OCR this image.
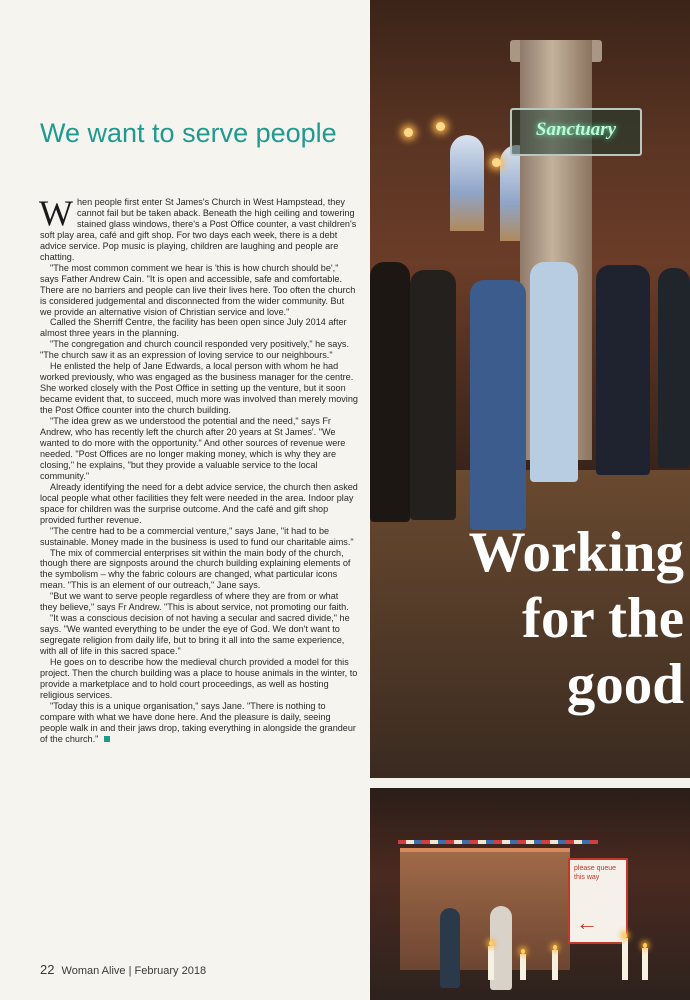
We want to serve people

When people first enter St James's Church in West Hampstead, they cannot fail but be taken aback. Beneath the high ceiling and towering stained glass windows, there's a Post Office counter, a vast children's soft play area, café and gift shop. For two days each week, there is a debt advice service. Pop music is playing, children are laughing and people are chatting.

"The most common comment we hear is 'this is how church should be'," says Father Andrew Cain. "It is open and accessible, safe and comfortable. There are no barriers and people can live their lives here. Too often the church is considered judgemental and disconnected from the wider community. But we provide an alternative vision of Christian service and love."

Called the Sherriff Centre, the facility has been open since July 2014 after almost three years in the planning.

"The congregation and church council responded very positively," he says. "The church saw it as an expression of loving service to our neighbours."

He enlisted the help of Jane Edwards, a local person with whom he had worked previously, who was engaged as the business manager for the centre. She worked closely with the Post Office in setting up the venture, but it soon became evident that, to succeed, much more was involved than merely moving the Post Office counter into the church building.

"The idea grew as we understood the potential and the need," says Fr Andrew, who has recently left the church after 20 years at St James'. "We wanted to do more with the opportunity." And other sources of revenue were needed. "Post Offices are no longer making money, which is why they are closing," he explains, "but they provide a valuable service to the local community."

Already identifying the need for a debt advice service, the church then asked local people what other facilities they felt were needed in the area. Indoor play space for children was the surprise outcome. And the café and gift shop provided further revenue.

"The centre had to be a commercial venture," says Jane, "it had to be sustainable. Money made in the business is used to fund our charitable aims."

The mix of commercial enterprises sit within the main body of the church, though there are signposts around the church building explaining elements of the symbolism – why the fabric colours are changed, what particular icons mean. "This is an element of our outreach," Jane says.

"But we want to serve people regardless of where they are from or what they believe," says Fr Andrew. "This is about service, not promoting our faith.

"It was a conscious decision of not having a secular and sacred divide," he says. "We wanted everything to be under the eye of God. We don't want to segregate religion from daily life, but to bring it all into the same experience, with all of life in this sacred space."

He goes on to describe how the medieval church provided a model for this project. Then the church building was a place to house animals in the winter, to provide a marketplace and to hold court proceedings, as well as hosting religious services.

"Today this is a unique organisation," says Jane. "There is nothing to compare with what we have done here. And the pleasure is daily, seeing people walk in and their jaws drop, taking everything in alongside the grandeur of the church."

22 Woman Alive | February 2018
Sanctuary
Working
for the
good
please queue this way
←
